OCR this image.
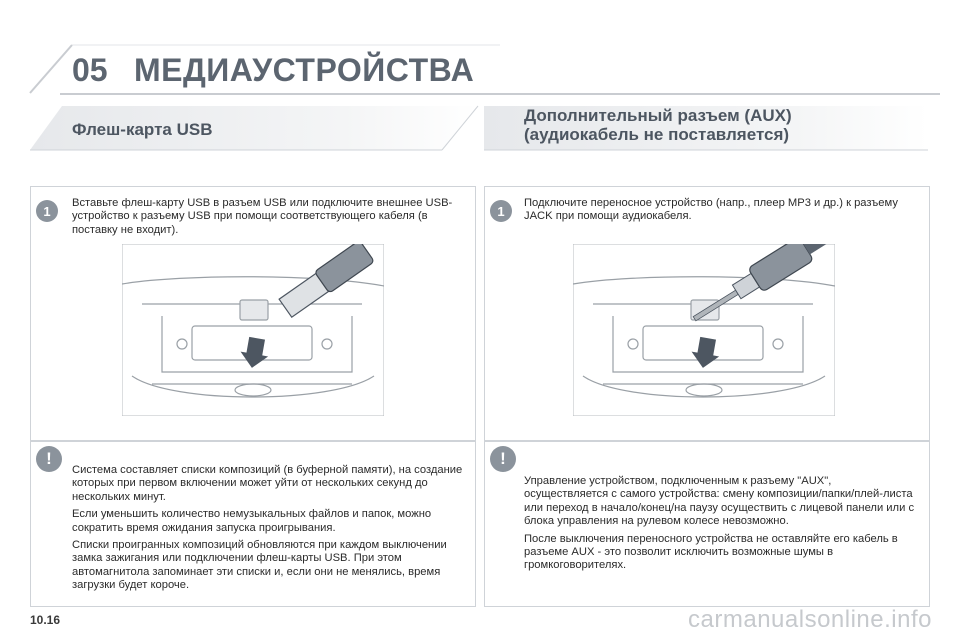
05 МЕДИАУСТРОЙСТВА
Флеш-карта USB
1
Вставьте флеш-карту USB в разъем USB или подключите внешнее USB-устройство к разъему USB при помощи соответствующего кабеля (в поставку не входит).
!

Система составляет списки композиций (в буферной памяти), на создание которых при первом включении может уйти от нескольких секунд до нескольких минут.

Если уменьшить количество немузыкальных файлов и папок, можно сократить время ожидания запуска проигрывания.

Списки проигранных композиций обновляются при каждом выключении замка зажигания или подключении флеш-карты USB. При этом автомагнитола запоминает эти списки и, если они не менялись, время загрузки будет короче.

Дополнительный разъем (AUX)
(аудиокабель не поставляется)
1
Подключите переносное устройство (напр., плеер MP3 и др.) к разъему JACK при помощи аудиокабеля.
!

Управление устройством, подключенным к разъему "AUX", осуществляется с самого устройства: смену композиции/папки/плей-листа или переход в начало/конец/на паузу осуществить с лицевой панели или с блока управления на рулевом колесе невозможно.

После выключения переносного устройства не оставляйте его кабель в разъеме AUX - это позволит исключить возможные шумы в громкоговорителях.

10.16	carmanualsonline.info
